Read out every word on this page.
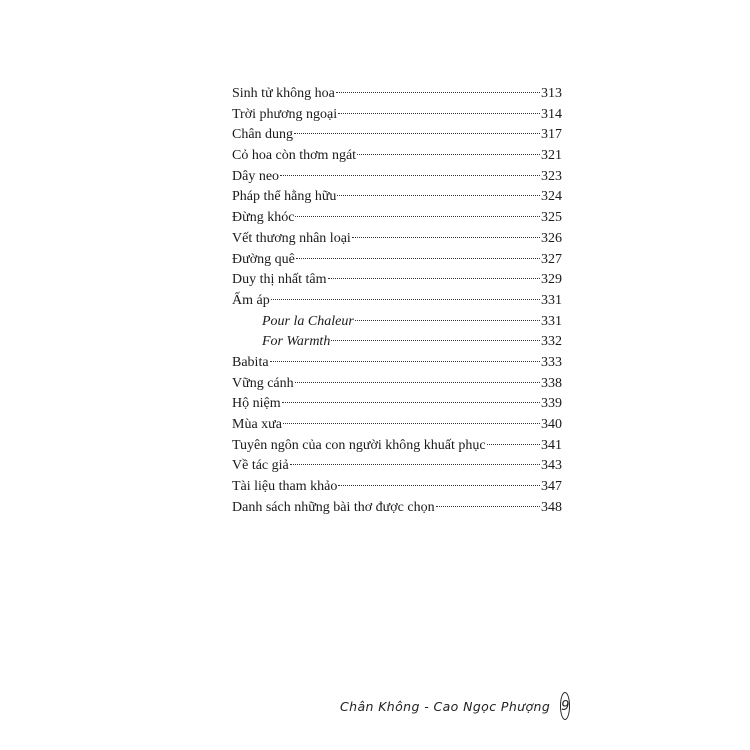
Sinh tử không hoa	313
Trời phương ngoại	314
Chân dung	317
Cỏ hoa còn thơm ngát	321
Dây neo	323
Pháp thể hằng hữu	324
Đừng khóc	325
Vết thương nhân loại	326
Đường quê	327
Duy thị nhất tâm	329
Ấm áp	331
Pour la Chaleur	331
For Warmth	332
Babita	333
Vững cánh	338
Hộ niệm	339
Mùa xưa	340
Tuyên ngôn của con người không khuất phục	341
Về tác giả	343
Tài liệu tham khảo	347
Danh sách những bài thơ được chọn	348
Chân Không - Cao Ngọc Phượng 9
